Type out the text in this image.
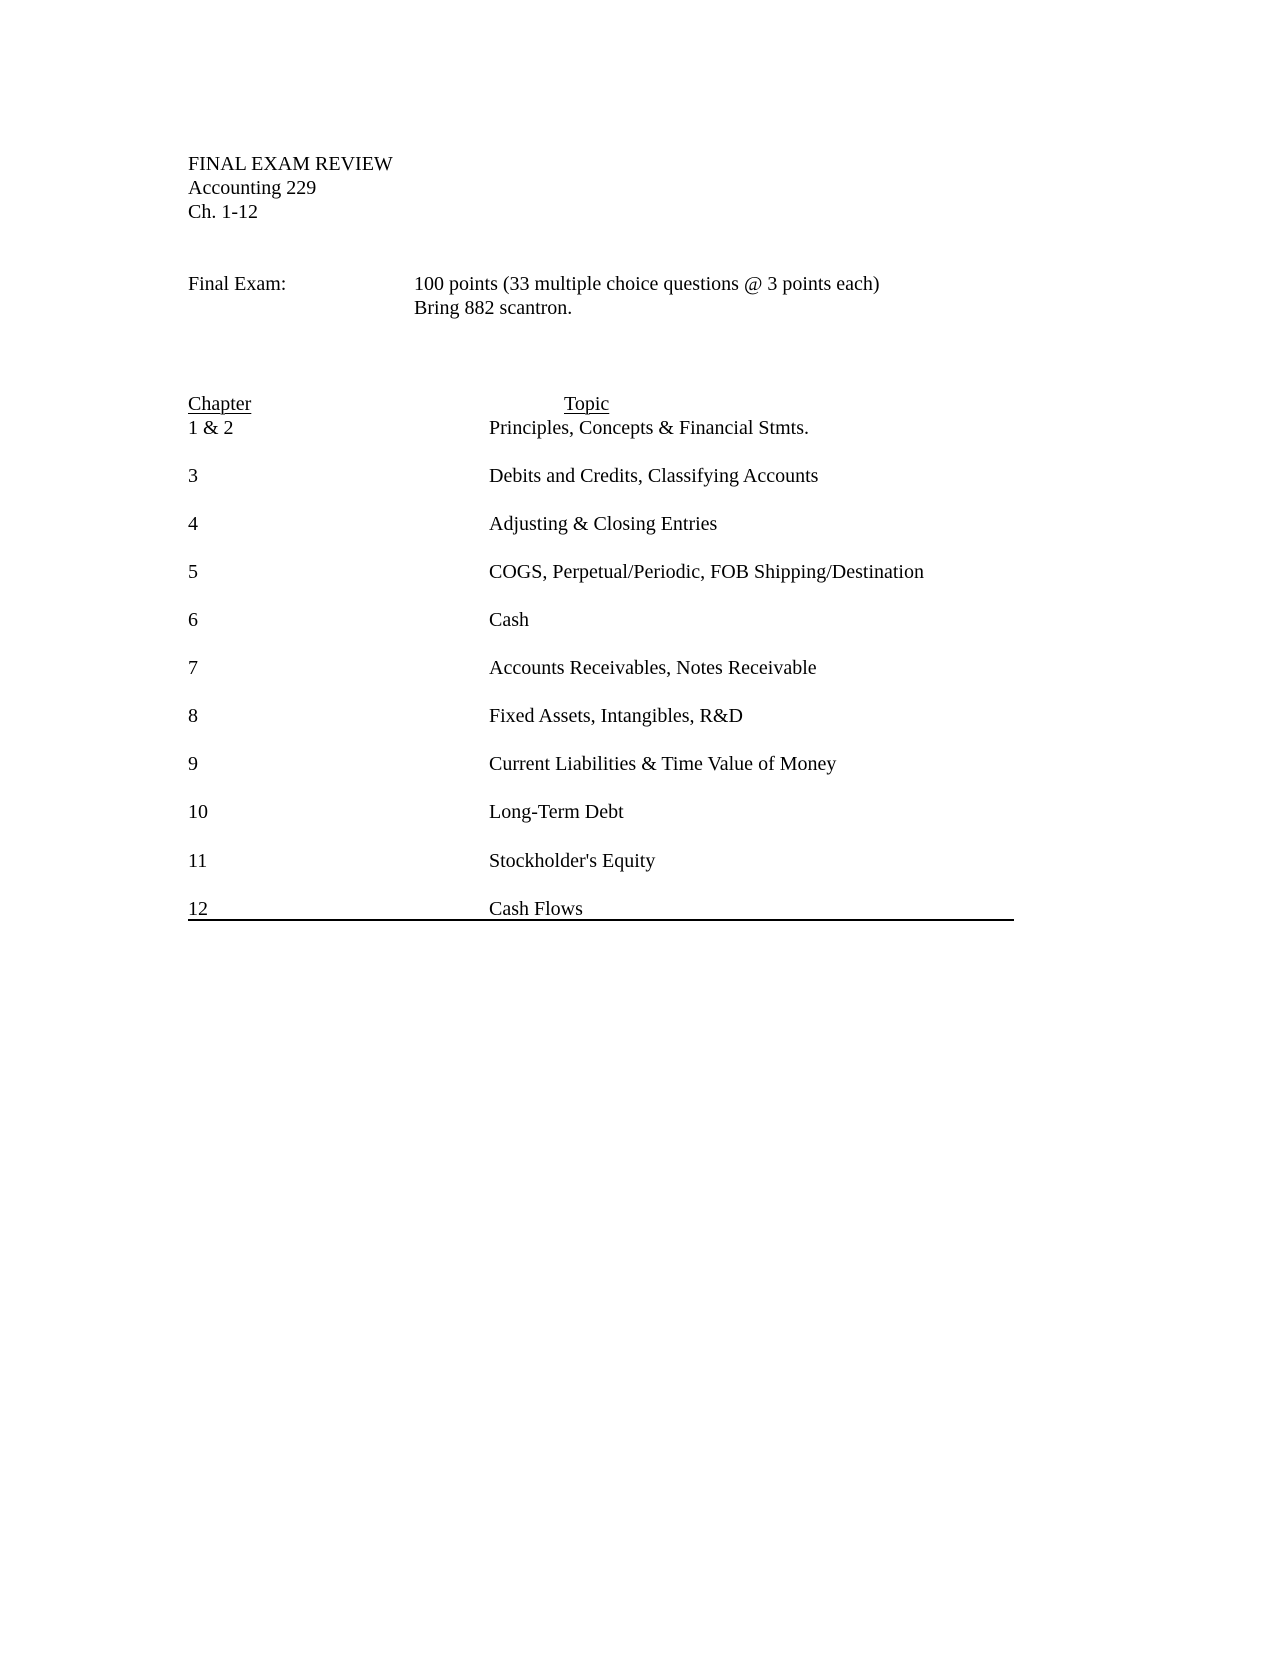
FINAL EXAM REVIEW
Accounting 229
Ch. 1-12
Final Exam:	100 points (33 multiple choice questions @ 3 points each)
Bring 882 scantron.
Chapter	Topic
1 & 2	Principles, Concepts & Financial Stmts.
3	Debits and Credits, Classifying Accounts
4	Adjusting & Closing Entries
5	COGS, Perpetual/Periodic, FOB Shipping/Destination
6	Cash
7	Accounts Receivables, Notes Receivable
8	Fixed Assets, Intangibles, R&D
9	Current Liabilities & Time Value of Money
10	Long-Term Debt
11	Stockholder's Equity
12	Cash Flows
